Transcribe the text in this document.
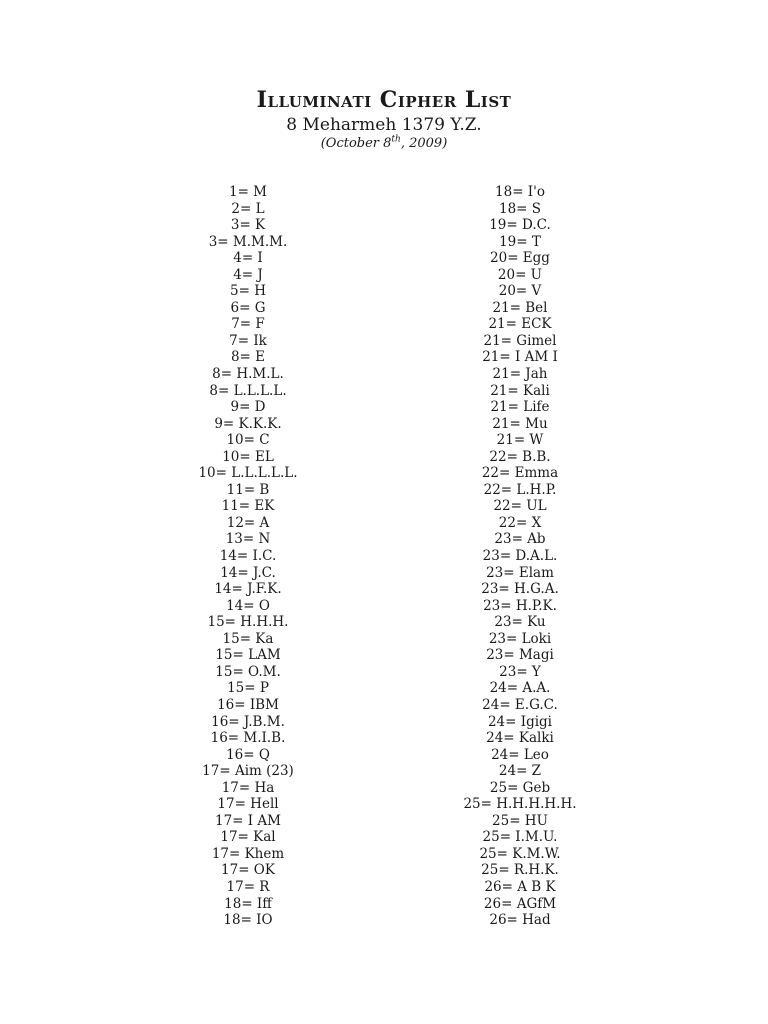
Illuminati Cipher List
8 Meharmeh 1379 Y.Z.
(October 8th, 2009)
1= M
2= L
3= K
3= M.M.M.
4= I
4= J
5= H
6= G
7= F
7= Ik
8= E
8= H.M.L.
8= L.L.L.L.
9= D
9= K.K.K.
10= C
10= EL
10= L.L.L.L.L.
11= B
11= EK
12= A
13= N
14= I.C.
14= J.C.
14= J.F.K.
14= O
15= H.H.H.
15= Ka
15= LAM
15= O.M.
15= P
16= IBM
16= J.B.M.
16= M.I.B.
16= Q
17= Aim (23)
17= Ha
17= Hell
17= I AM
17= Kal
17= Khem
17= OK
17= R
18= Iff
18= IO
18= I'o
18= S
19= D.C.
19= T
20= Egg
20= U
20= V
21= Bel
21= ECK
21= Gimel
21= I AM I
21= Jah
21= Kali
21= Life
21= Mu
21= W
22= B.B.
22= Emma
22= L.H.P.
22= UL
22= X
23= Ab
23= D.A.L.
23= Elam
23= H.G.A.
23= H.P.K.
23= Ku
23= Loki
23= Magi
23= Y
24= A.A.
24= E.G.C.
24= Igigi
24= Kalki
24= Leo
24= Z
25= Geb
25= H.H.H.H.H.
25= HU
25= I.M.U.
25= K.M.W.
25= R.H.K.
26= A B K
26= AGfM
26= Had
